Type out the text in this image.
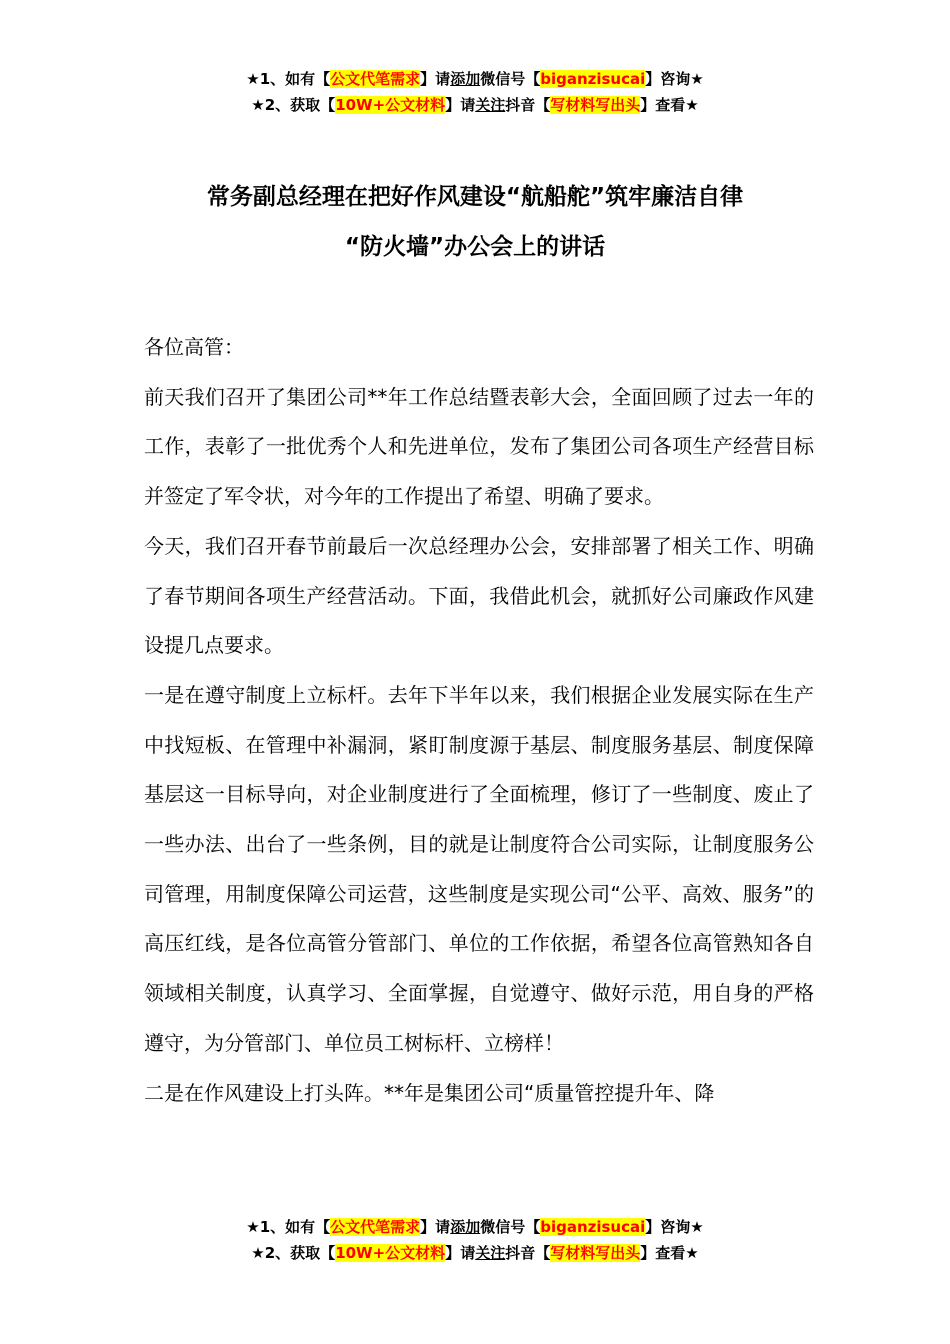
★1、如有【公文代笔需求】请添加微信号【biganzisucai】咨询★
★2、获取【10W+公文材料】请关注抖音【写材料写出头】查看★
常务副总经理在把好作风建设“航船舵”筑牢廉洁自律
“防火墙”办公会上的讲话

各位高管：

前天我们召开了集团公司**年工作总结暨表彰大会，全面回顾了过去一年的工作，表彰了一批优秀个人和先进单位，发布了集团公司各项生产经营目标并签定了军令状，对今年的工作提出了希望、明确了要求。

今天，我们召开春节前最后一次总经理办公会，安排部署了相关工作、明确了春节期间各项生产经营活动。下面，我借此机会，就抓好公司廉政作风建设提几点要求。

一是在遵守制度上立标杆。去年下半年以来，我们根据企业发展实际在生产中找短板、在管理中补漏洞，紧盯制度源于基层、制度服务基层、制度保障基层这一目标导向，对企业制度进行了全面梳理，修订了一些制度、废止了一些办法、出台了一些条例，目的就是让制度符合公司实际，让制度服务公司管理，用制度保障公司运营，这些制度是实现公司“公平、高效、服务”的高压红线，是各位高管分管部门、单位的工作依据，希望各位高管熟知各自领域相关制度，认真学习、全面掌握，自觉遵守、做好示范，用自身的严格遵守，为分管部门、单位员工树标杆、立榜样！

二是在作风建设上打头阵。**年是集团公司“质量管控提升年、降

★1、如有【公文代笔需求】请添加微信号【biganzisucai】咨询★
★2、获取【10W+公文材料】请关注抖音【写材料写出头】查看★
